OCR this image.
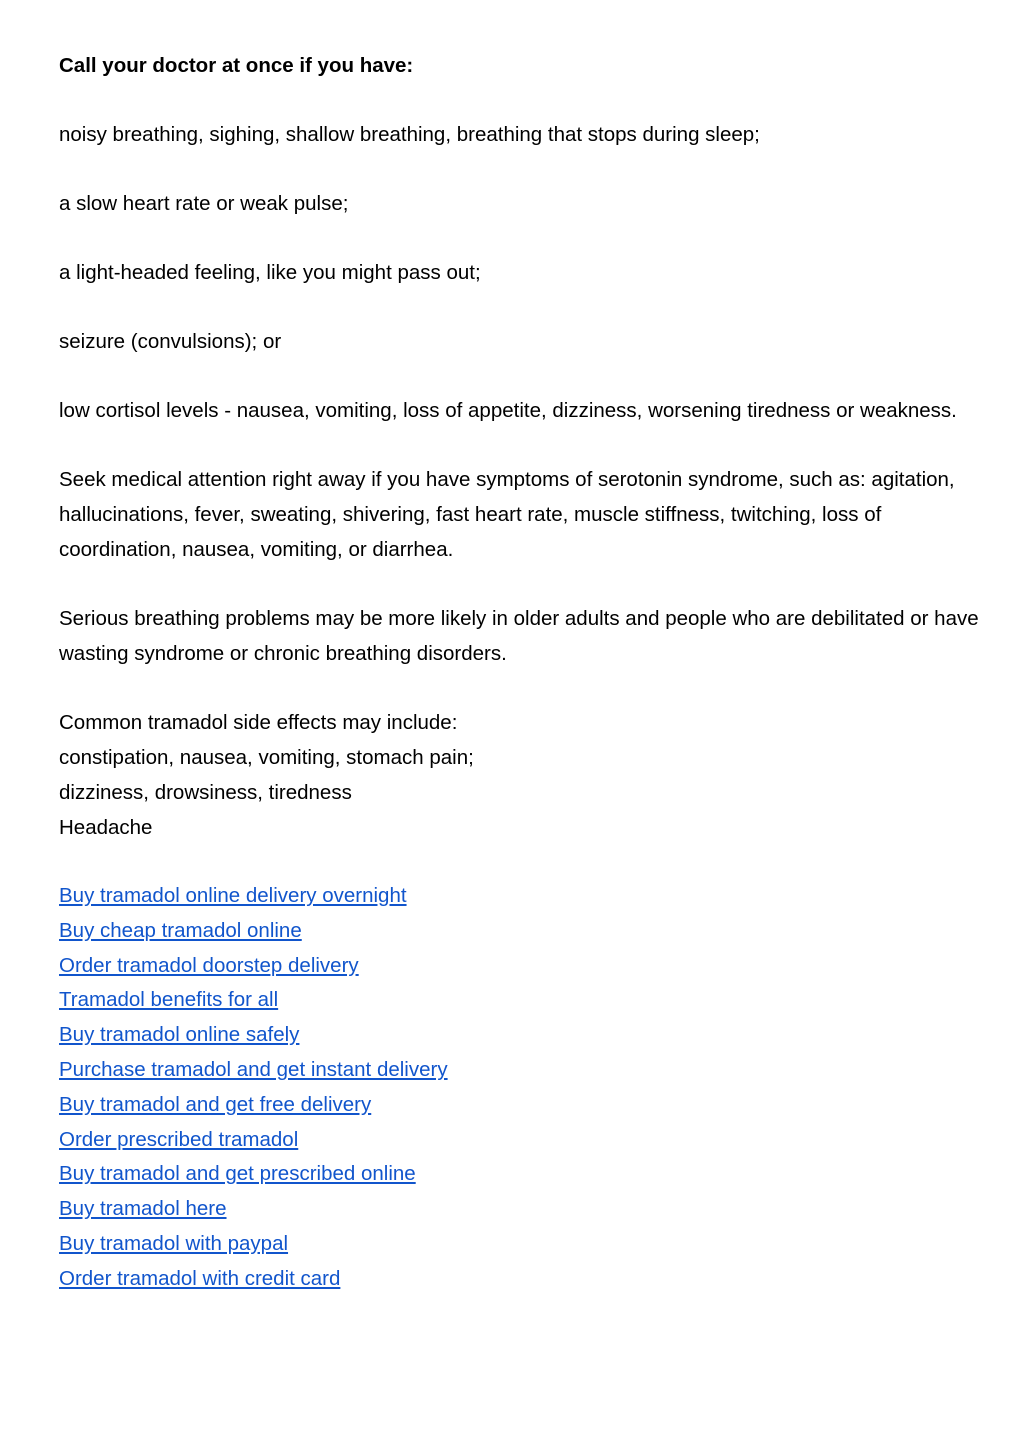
Call your doctor at once if you have:

noisy breathing, sighing, shallow breathing, breathing that stops during sleep;

a slow heart rate or weak pulse;

a light-headed feeling, like you might pass out;

seizure (convulsions); or

low cortisol levels - nausea, vomiting, loss of appetite, dizziness, worsening tiredness or weakness.

Seek medical attention right away if you have symptoms of serotonin syndrome, such as: agitation, hallucinations, fever, sweating, shivering, fast heart rate, muscle stiffness, twitching, loss of coordination, nausea, vomiting, or diarrhea.

Serious breathing problems may be more likely in older adults and people who are debilitated or have wasting syndrome or chronic breathing disorders.

Common tramadol side effects may include:
constipation, nausea, vomiting, stomach pain;
dizziness, drowsiness, tiredness
Headache
Buy tramadol online delivery overnight
Buy cheap tramadol online
Order tramadol doorstep delivery
Tramadol benefits for all
Buy tramadol online safely
Purchase tramadol and get instant delivery
Buy tramadol and get free delivery
Order prescribed tramadol
Buy tramadol and get prescribed online
Buy tramadol here
Buy tramadol with paypal
Order tramadol with credit card
